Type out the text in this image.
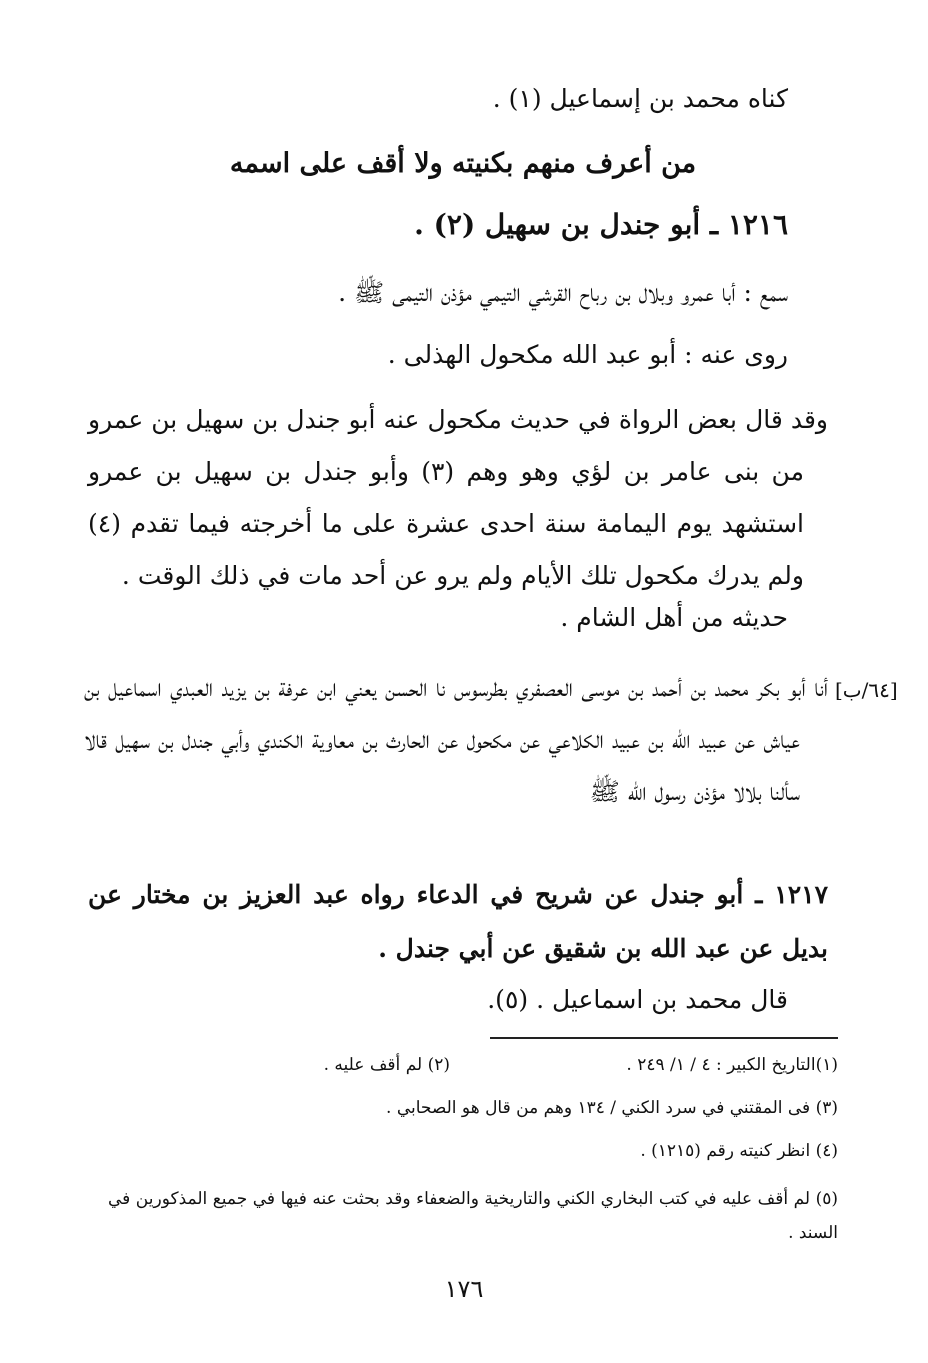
كناه محمد بن إسماعيل (١) .
من أعرف منهم بكنيته ولا أقف على اسمه
١٢١٦ ـ أبو جندل بن سهيل (٢) .
سمع : أبا عمرو وبلال بن رباح القرشي التيمي مؤذن التيمى ﷺ .
روى عنه : أبو عبد الله مكحول الهذلى .
وقد قال بعض الرواة في حديث مكحول عنه أبو جندل بن سهيل بن عمرو من بنى عامر بن لؤي وهو وهم (٣) وأبو جندل بن سهيل بن عمرو استشهد يوم اليمامة سنة احدى عشرة على ما أخرجته فيما تقدم (٤) ولم يدرك مكحول تلك الأيام ولم يرو عن أحد مات في ذلك الوقت .
حديثه من أهل الشام .
[٦٤/ب]
أنا أبو بكر محمد بن أحمد بن موسى العصفري بطرسوس نا الحسن يعني ابن عرفة بن يزيد العبدي اسماعيل بن عياش عن عبيد الله بن عبيد الكلاعي عن مكحول عن الحارث بن معاوية الكندي وأبي جندل بن سهيل قالا سألنا بلالا مؤذن رسول الله ﷺ
١٢١٧ ـ أبو جندل عن شريح في الدعاء رواه عبد العزيز بن مختار عن بديل عن عبد الله بن شقيق عن أبي جندل .
قال محمد بن اسماعيل . (٥).
(١)التاريخ الكبير : ٤ / ١/ ٢٤٩ .
(٢) لم أقف عليه .
(٣) فى المقتني في سرد الكني / ١٣٤ وهم من قال هو الصحابي .
(٤) انظر كنيته رقم (١٢١٥) .
(٥) لم أقف عليه في كتب البخاري الكني والتاريخية والضعفاء وقد بحثت عنه فيها في جميع المذكورين في السند .
١٧٦
